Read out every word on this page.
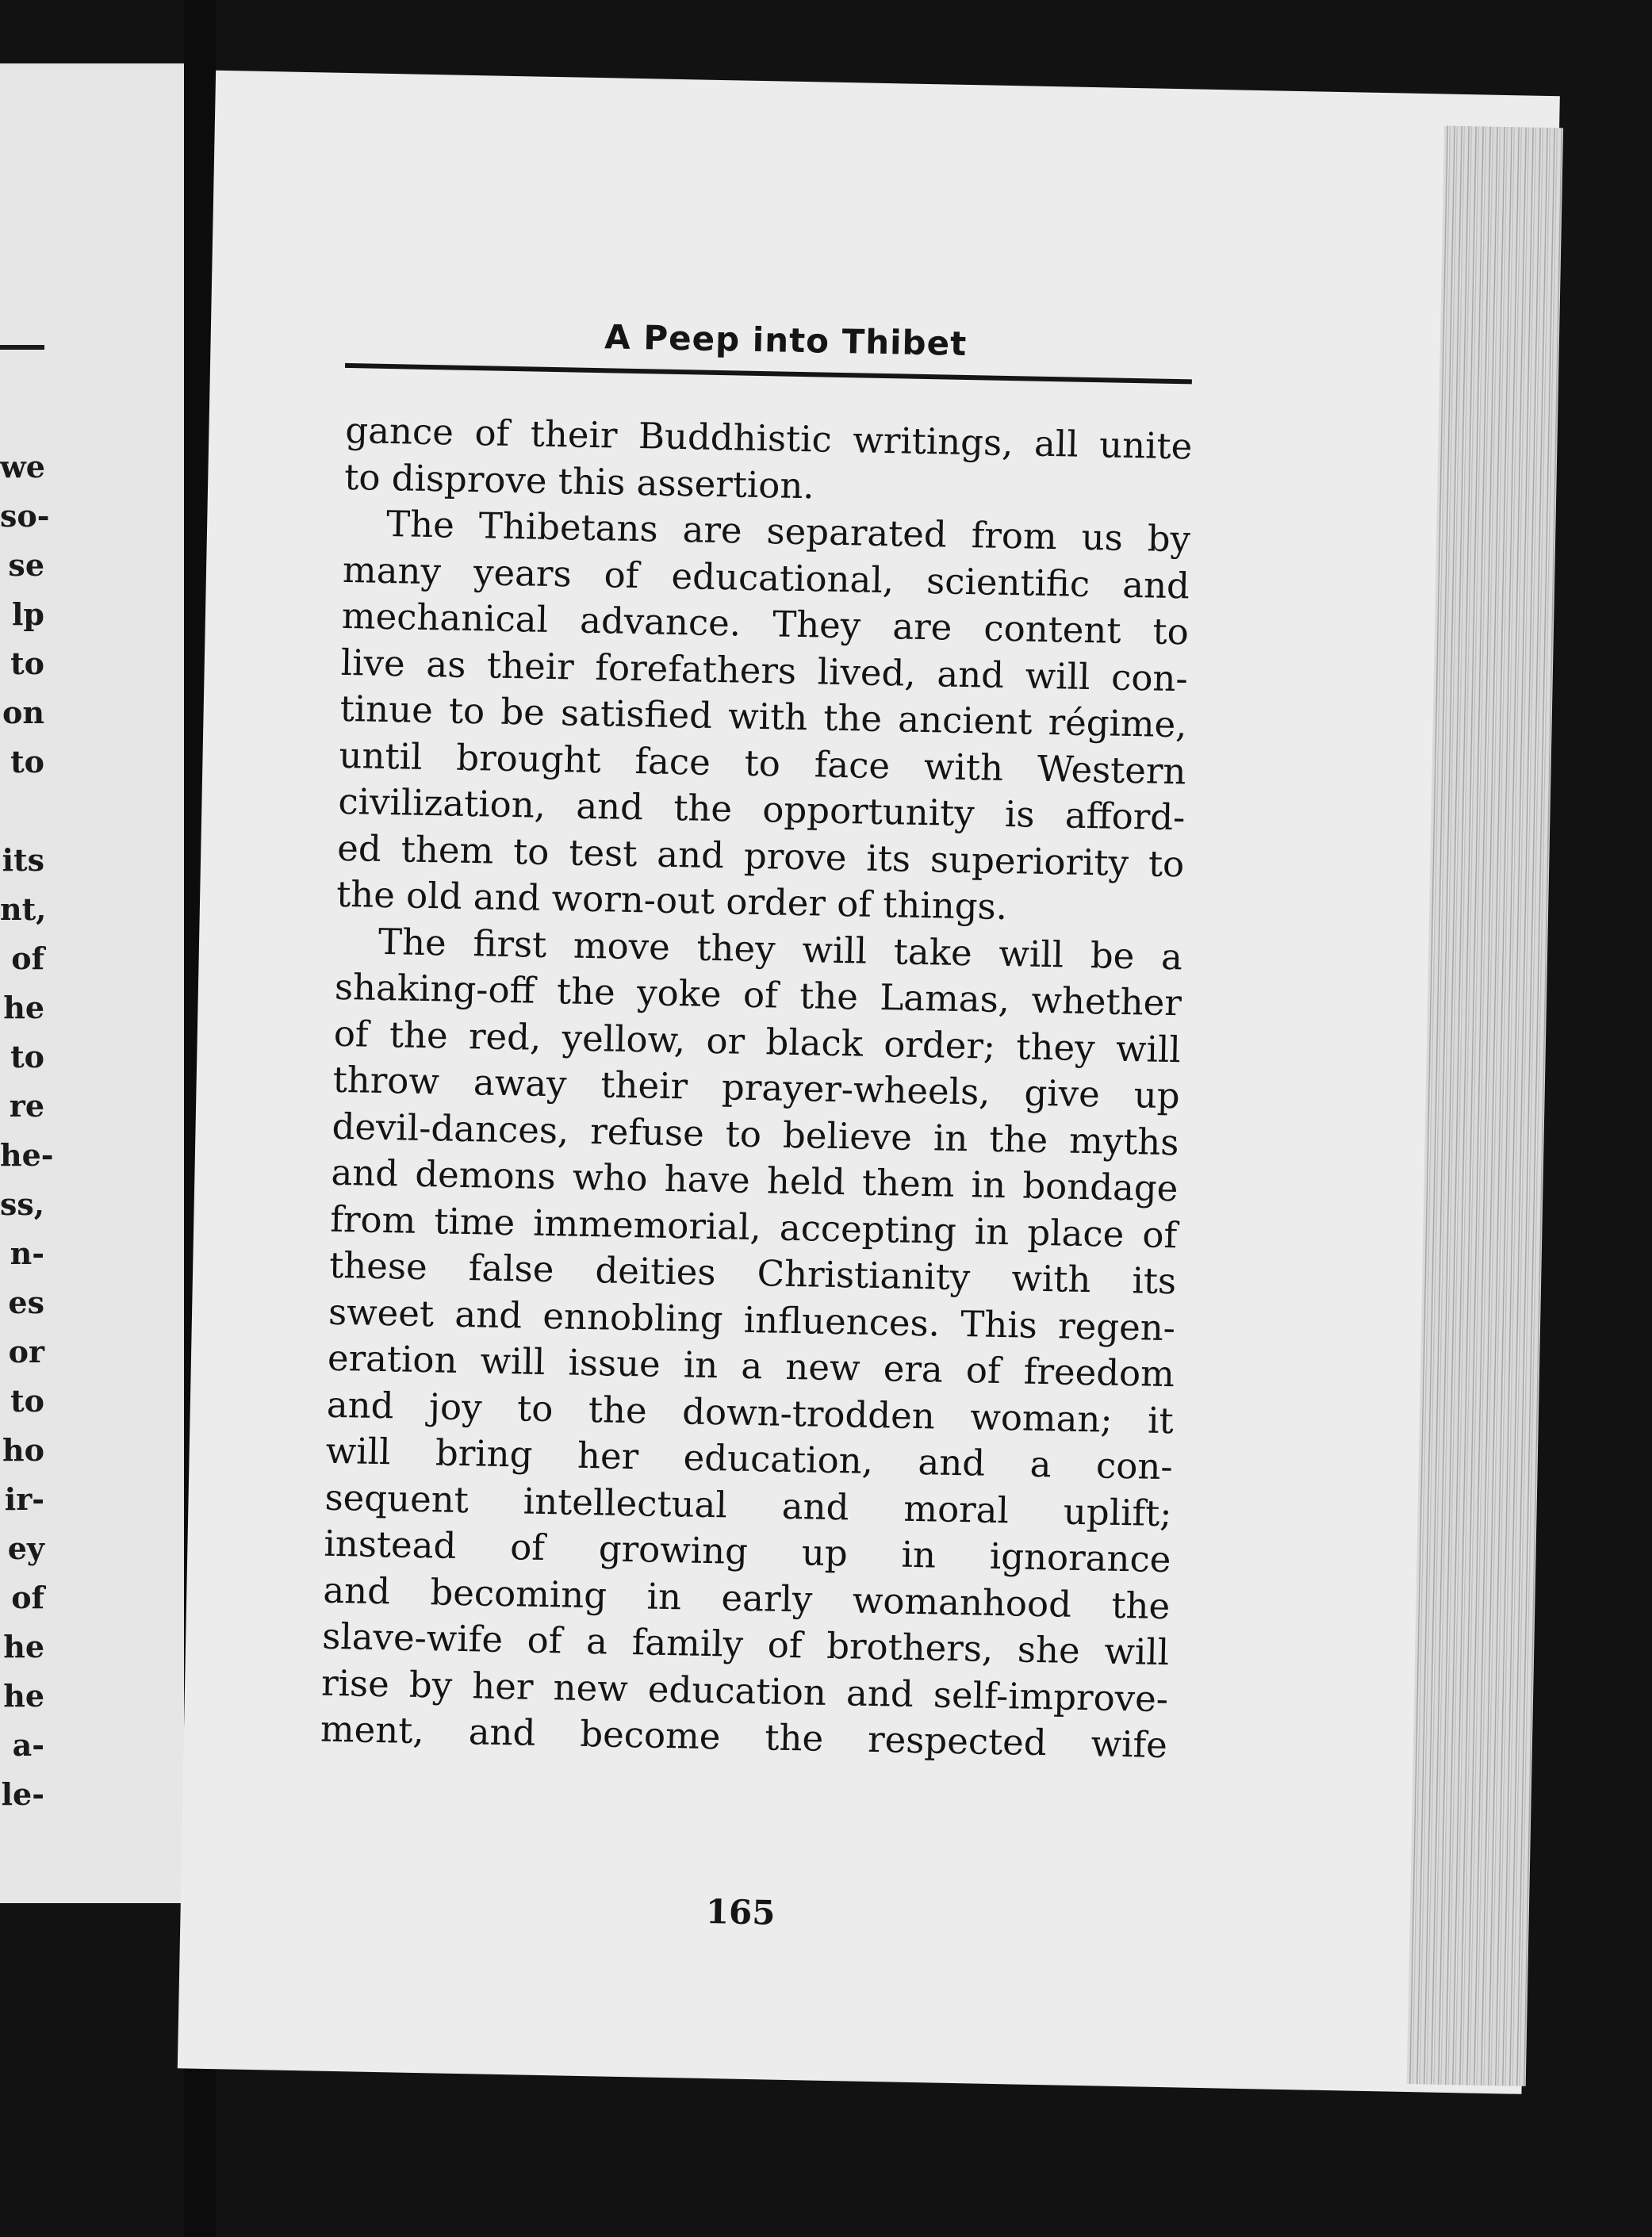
we
so-
se
lp
to
on
to
its
nt,
of
he
to
re
he-
ss,
n-
es
or
to
ho
ir-
ey
of
he
he
a-
le-
A Peep into Thibet
gance of their Buddhistic writings, all unite
to disprove this assertion.
The Thibetans are separated from us by
many years of educational, scientific and
mechanical advance. They are content to
live as their forefathers lived, and will con-
tinue to be satisfied with the ancient régime,
until brought face to face with Western
civilization, and the opportunity is afford-
ed them to test and prove its superiority to
the old and worn-out order of things.
The first move they will take will be a
shaking-off the yoke of the Lamas, whether
of the red, yellow, or black order; they will
throw away their prayer-wheels, give up
devil-dances, refuse to believe in the myths
and demons who have held them in bondage
from time immemorial, accepting in place of
these false deities Christianity with its
sweet and ennobling influences. This regen-
eration will issue in a new era of freedom
and joy to the down-trodden woman; it
will bring her education, and a con-
sequent intellectual and moral uplift;
instead of growing up in ignorance
and becoming in early womanhood the
slave-wife of a family of brothers, she will
rise by her new education and self-improve-
ment, and become the respected wife
165
